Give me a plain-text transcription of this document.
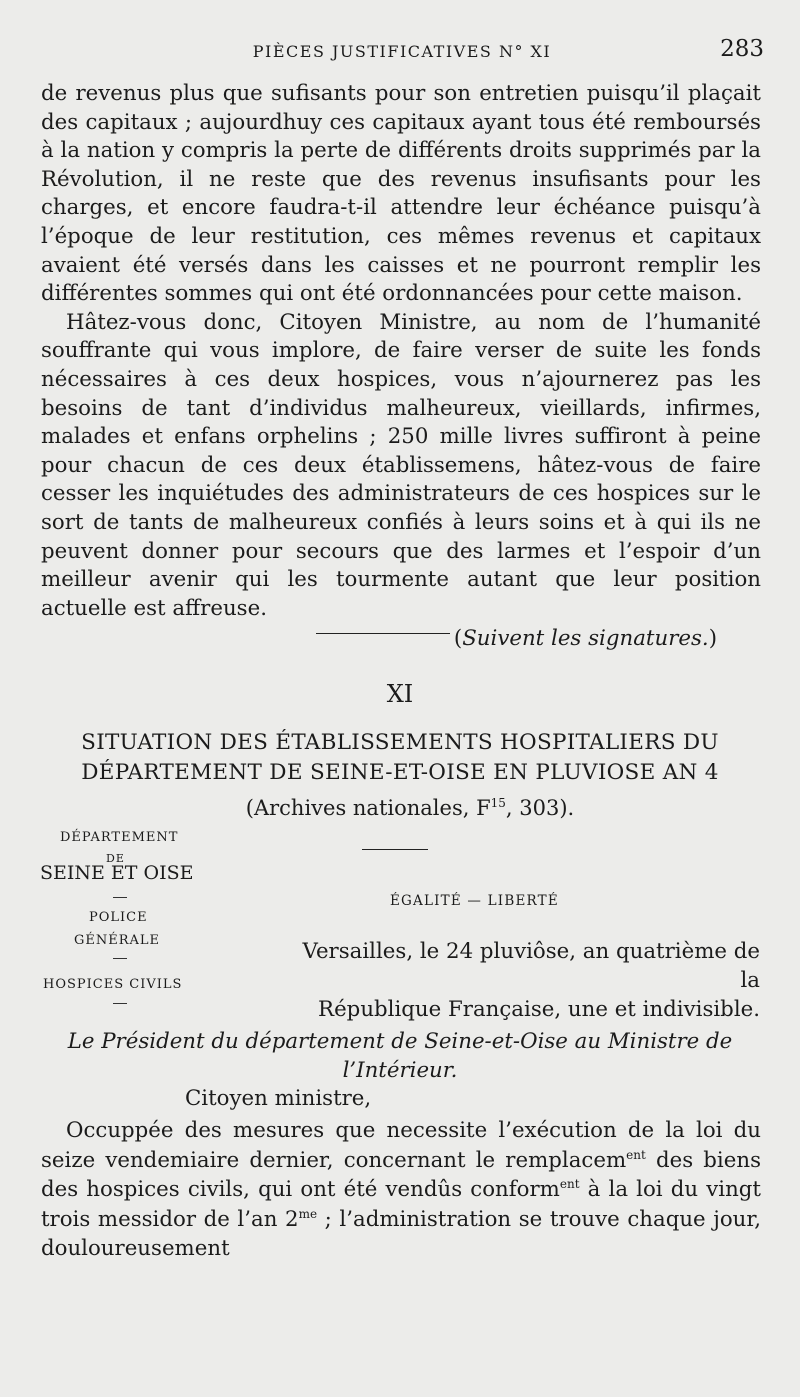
PIÈCES JUSTIFICATIVES N° XI	283

de revenus plus que sufisants pour son entretien puisqu’il plaçait des capitaux ; aujourdhuy ces capitaux ayant tous été remboursés à la nation y compris la perte de différents droits supprimés par la Révolution, il ne reste que des revenus insufisants pour les charges, et encore faudra-t-il attendre leur échéance puisqu’à l’époque de leur restitution, ces mêmes revenus et capitaux avaient été versés dans les caisses et ne pourront remplir les différentes sommes qui ont été ordonnancées pour cette maison.

Hâtez-vous donc, Citoyen Ministre, au nom de l’humanité souffrante qui vous implore, de faire verser de suite les fonds nécessaires à ces deux hospices, vous n’ajournerez pas les besoins de tant d’individus malheureux, vieillards, infirmes, malades et enfans orphelins ; 250 mille livres suffiront à peine pour chacun de ces deux établissemens, hâtez-vous de faire cesser les inquiétudes des administrateurs de ces hospices sur le sort de tants de malheureux confiés à leurs soins et à qui ils ne peuvent donner pour secours que des larmes et l’espoir d’un meilleur avenir qui les tourmente autant que leur position actuelle est affreuse.

(Suivent les signatures.)

XI
SITUATION DES ÉTABLISSEMENTS HOSPITALIERS DU
DÉPARTEMENT DE SEINE-ET-OISE EN PLUVIOSE AN 4
(Archives nationales, $F^{15}$, 303).
DÉPARTEMENT
DE
SEINE ET OISE
POLICE
GÉNÉRALE
HOSPICES CIVILS
ÉGALITÉ — LIBERTÉ
Versailles, le 24 pluviôse, an quatrième de la
République Française, une et indivisible.
Le Président du département de Seine-et-Oise au Ministre de
l’Intérieur.
Citoyen ministre,
Occuppée des mesures que necessite l’exécution de la loi du seize vendemiaire dernier, concernant le remplacem$^{ent}$ des biens des hospices civils, qui ont été vendûs conform$^{ent}$ à la loi du vingt trois messidor de l’an $2^{me}$ ; l’administration se trouve chaque jour, douloureusement
